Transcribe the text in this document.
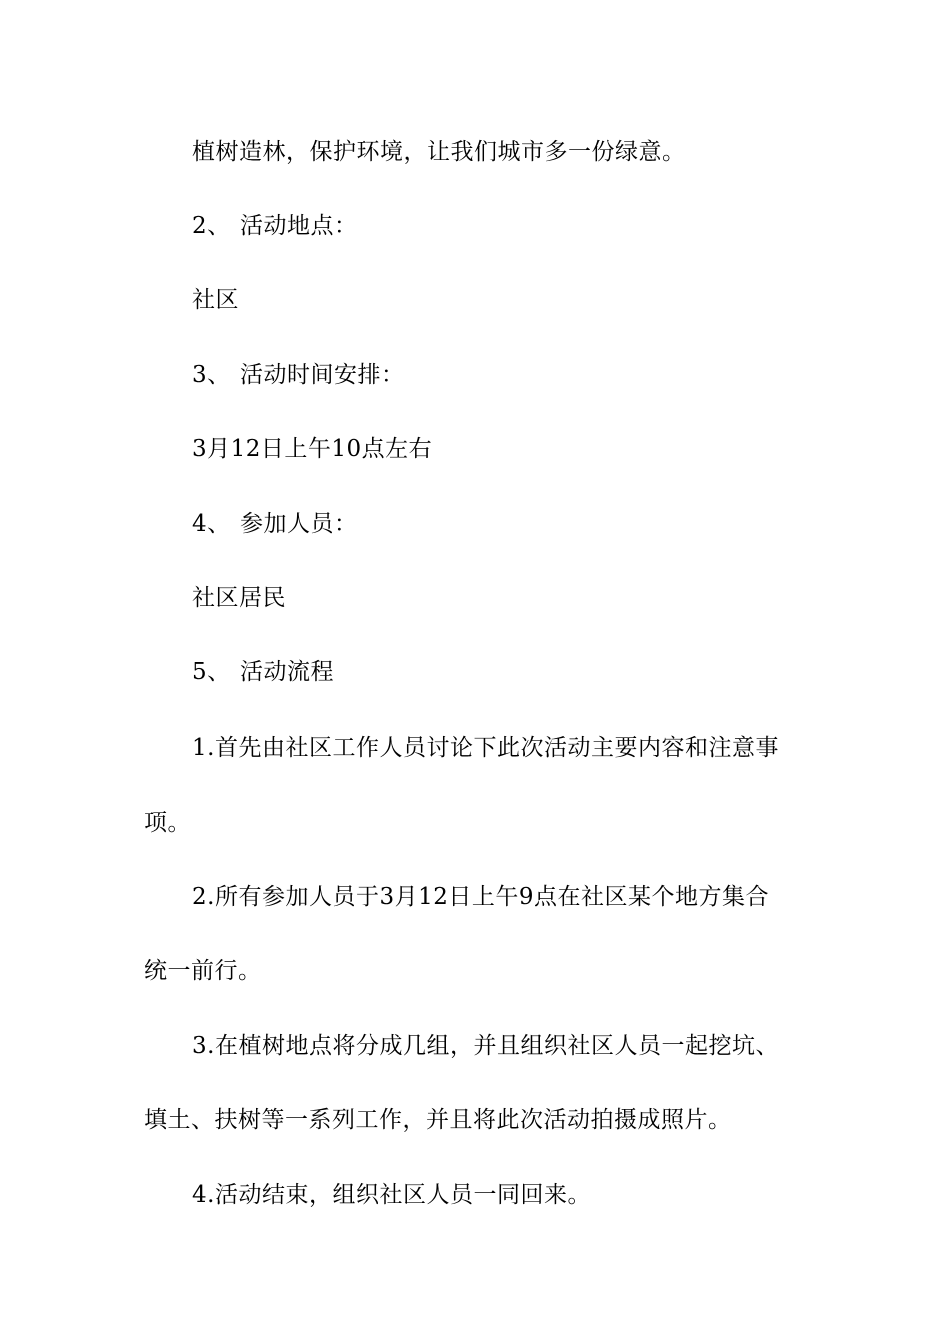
植树造林，保护环境，让我们城市多一份绿意。
2、 活动地点：
社区
3、 活动时间安排：
3月12日上午10点左右
4、 参加人员：
社区居民
5、 活动流程
1.首先由社区工作人员讨论下此次活动主要内容和注意事
项。
2.所有参加人员于3月12日上午9点在社区某个地方集合
统一前行。
3.在植树地点将分成几组，并且组织社区人员一起挖坑、
填土、扶树等一系列工作，并且将此次活动拍摄成照片。
4.活动结束，组织社区人员一同回来。
